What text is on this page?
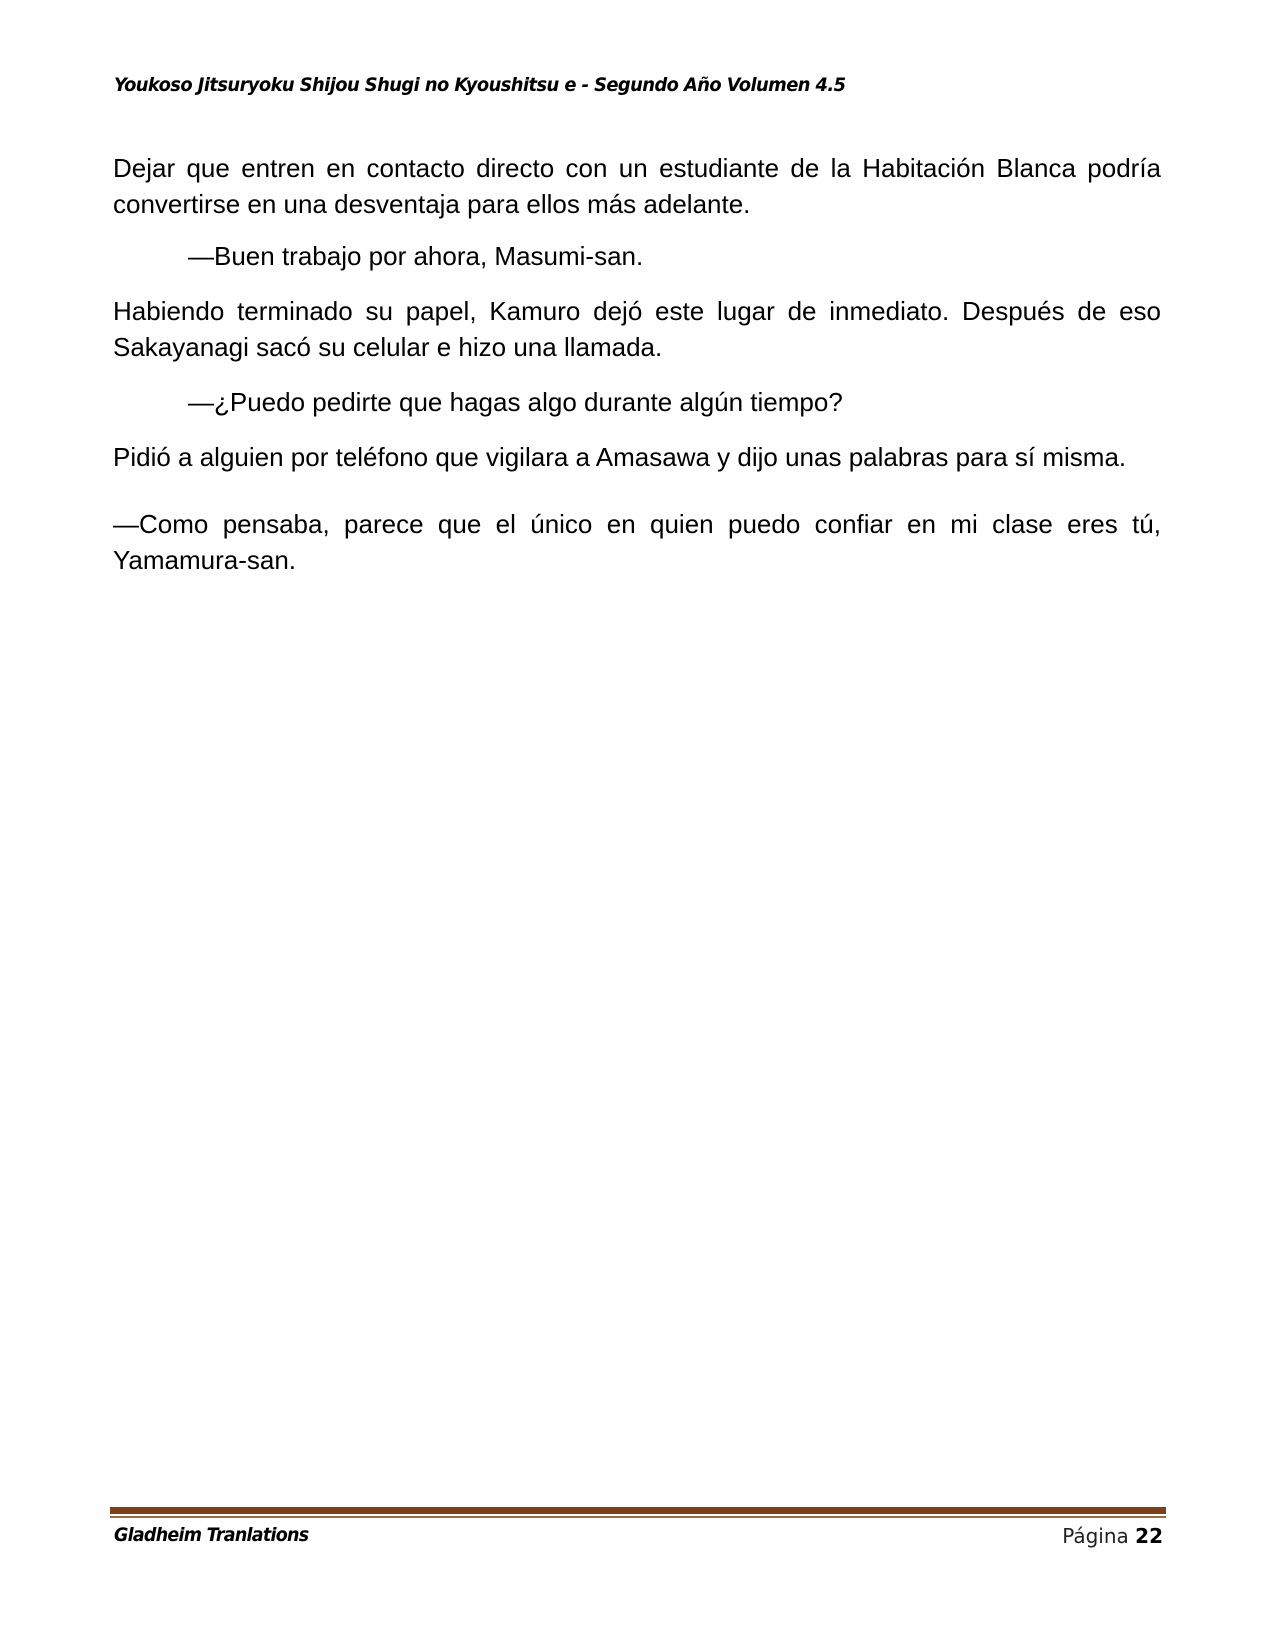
Youkoso Jitsuryoku Shijou Shugi no Kyoushitsu e - Segundo Año Volumen 4.5

Dejar que entren en contacto directo con un estudiante de la Habitación Blanca podría convertirse en una desventaja para ellos más adelante.

—Buen trabajo por ahora, Masumi-san.

Habiendo terminado su papel, Kamuro dejó este lugar de inmediato. Después de eso Sakayanagi sacó su celular e hizo una llamada.

—¿Puedo pedirte que hagas algo durante algún tiempo?

Pidió a alguien por teléfono que vigilara a Amasawa y dijo unas palabras para sí misma.

—Como pensaba, parece que el único en quien puedo confiar en mi clase eres tú, Yamamura-san.

Gladheim Tranlations	Página 22
